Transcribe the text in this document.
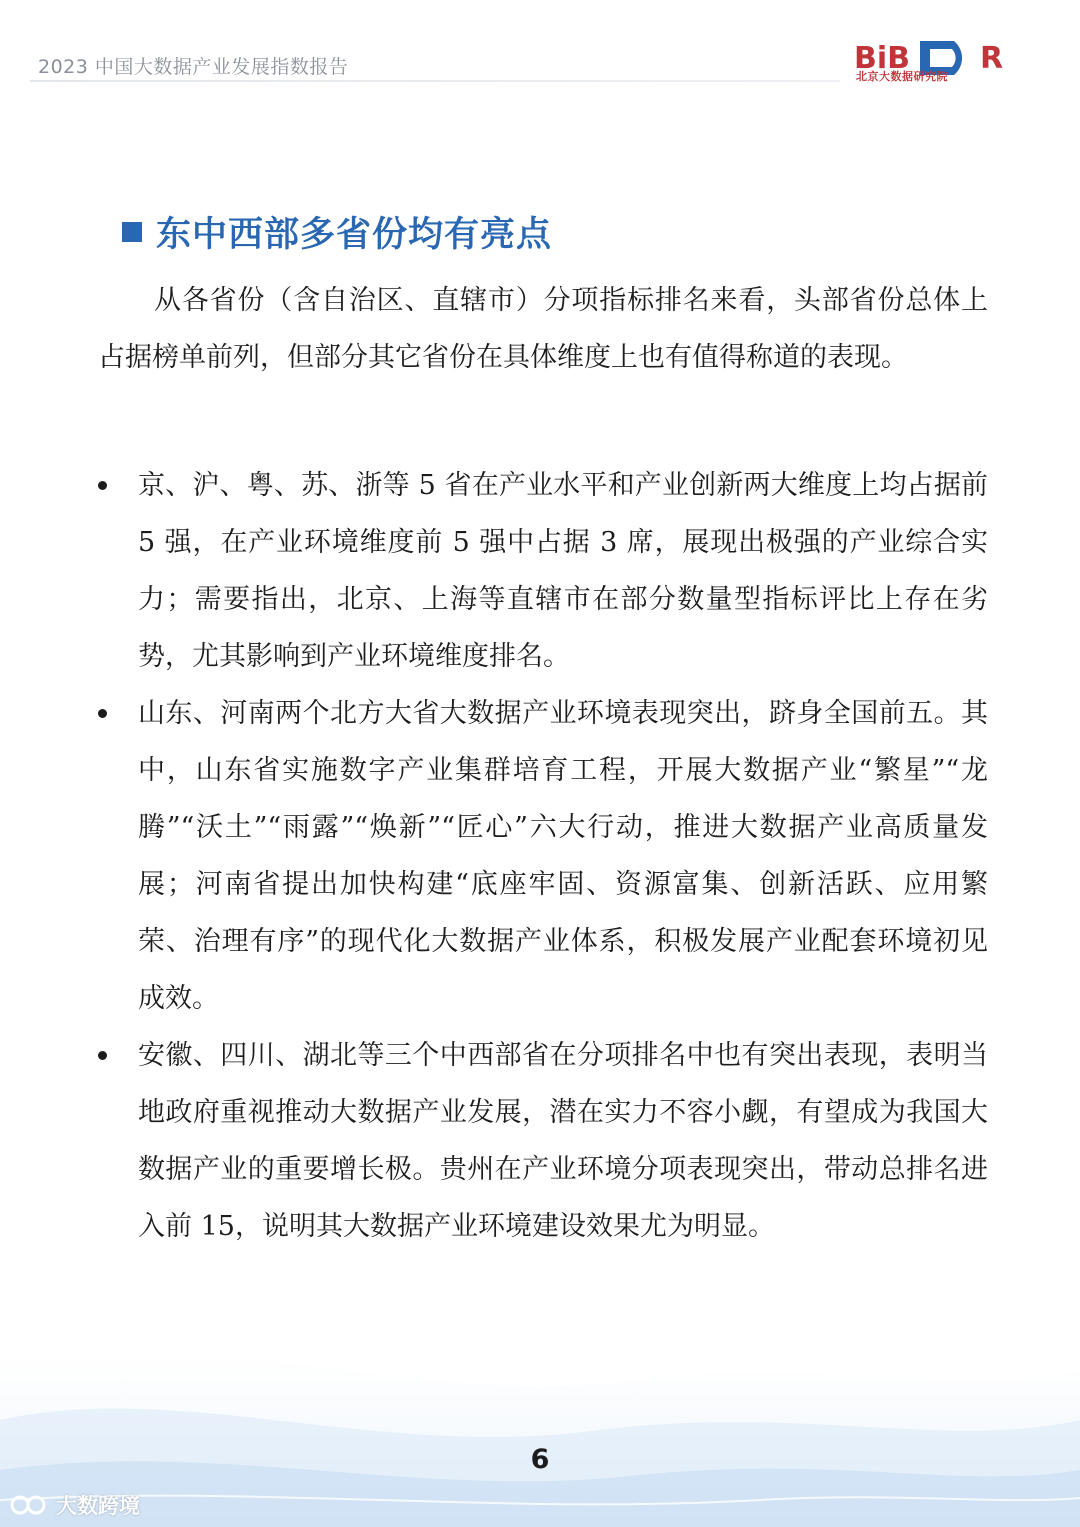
2023 中国大数据产业发展指数报告	BiB R
北京大数据研究院
东中西部多省份均有亮点

从各省份（含自治区、直辖市）分项指标排名来看，头部省份总体上占据榜单前列，但部分其它省份在具体维度上也有值得称道的表现。

京、沪、粤、苏、浙等 5 省在产业水平和产业创新两大维度上均占据前 5 强，在产业环境维度前 5 强中占据 3 席，展现出极强的产业综合实力；需要指出，北京、上海等直辖市在部分数量型指标评比上存在劣势，尤其影响到产业环境维度排名。
山东、河南两个北方大省大数据产业环境表现突出，跻身全国前五。其中，山东省实施数字产业集群培育工程，开展大数据产业“繁星”“龙腾”“沃土”“雨露”“焕新”“匠心”六大行动，推进大数据产业高质量发展；河南省提出加快构建“底座牢固、资源富集、创新活跃、应用繁荣、治理有序”的现代化大数据产业体系，积极发展产业配套环境初见成效。
安徽、四川、湖北等三个中西部省在分项排名中也有突出表现，表明当地政府重视推动大数据产业发展，潜在实力不容小觑，有望成为我国大数据产业的重要增长极。贵州在产业环境分项表现突出，带动总排名进入前 15，说明其大数据产业环境建设效果尤为明显。
6
大数跨境
